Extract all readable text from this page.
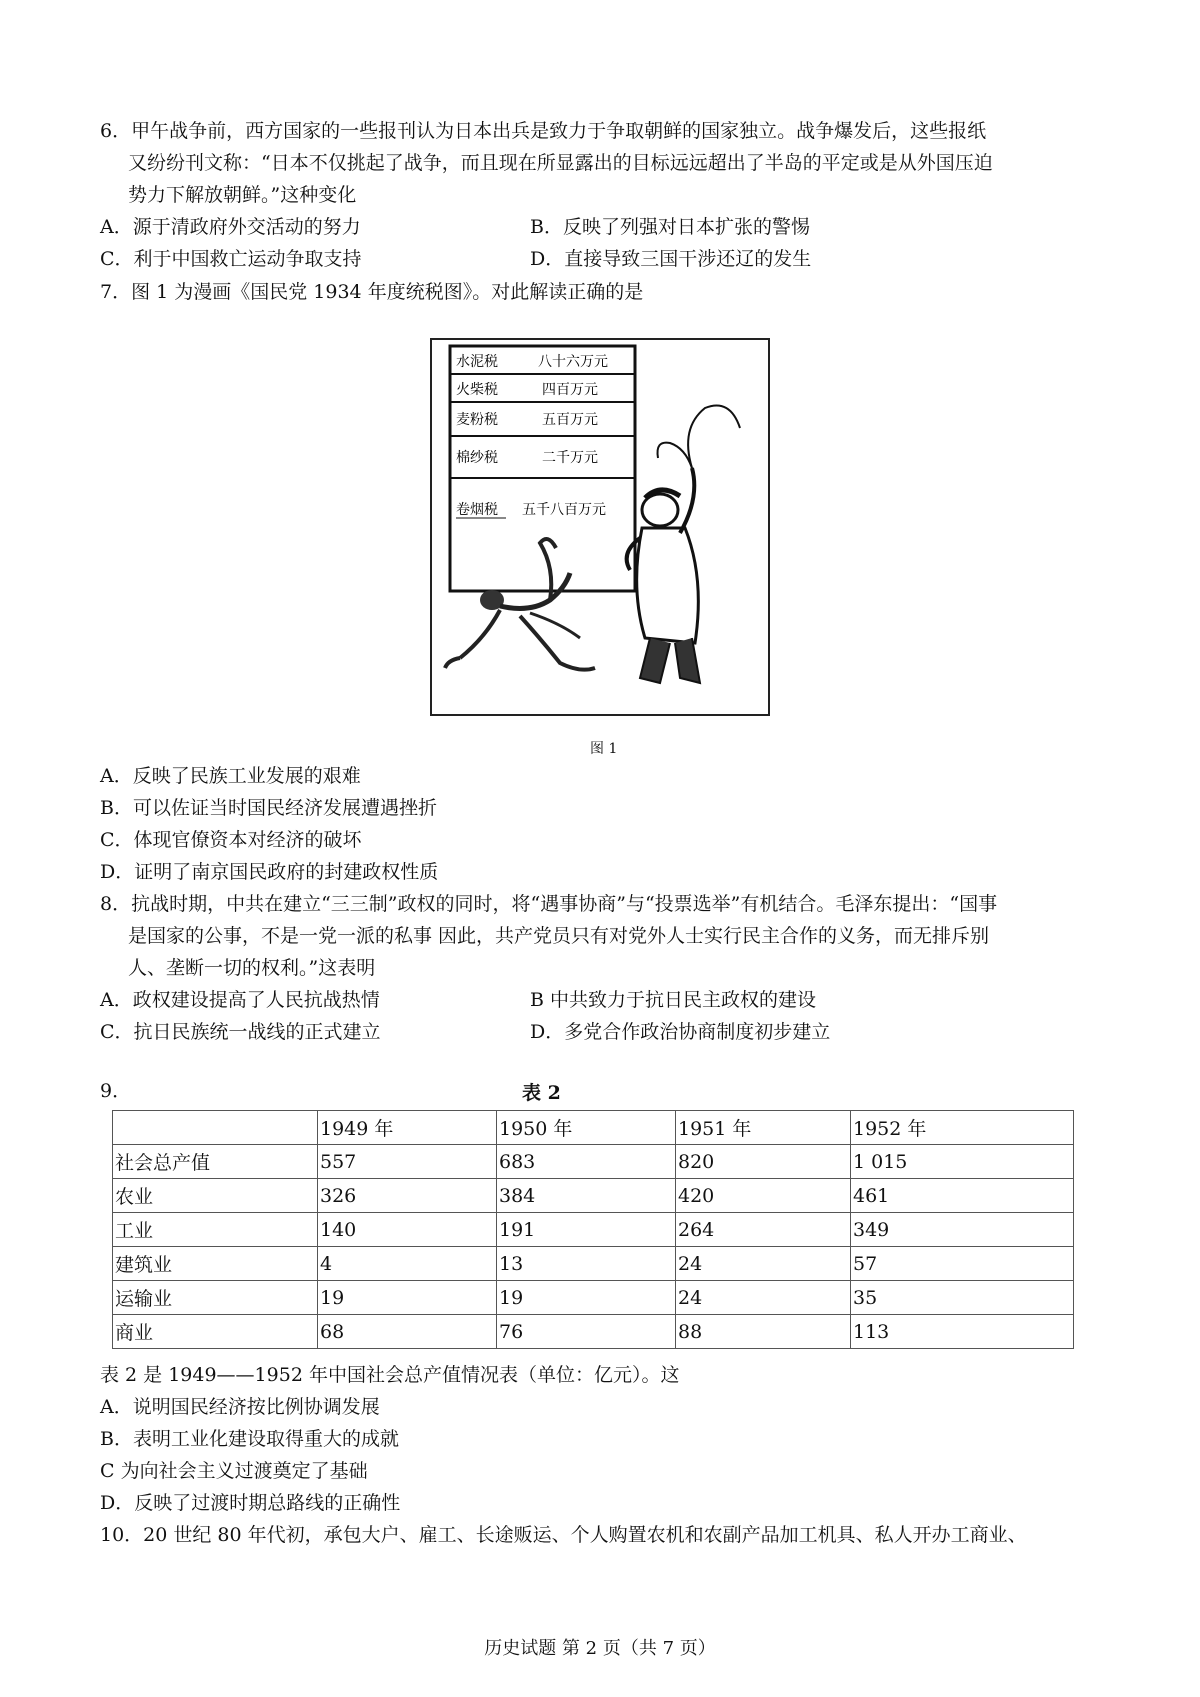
6．甲午战争前，西方国家的一些报刊认为日本出兵是致力于争取朝鲜的国家独立。战争爆发后，这些报纸
又纷纷刊文称：“日本不仅挑起了战争，而且现在所显露出的目标远远超出了半岛的平定或是从外国压迫
势力下解放朝鲜。”这种变化
A．源于清政府外交活动的努力	B．反映了列强对日本扩张的警惕
C．利于中国救亡运动争取支持	D．直接导致三国干涉还辽的发生
7．图 1 为漫画《国民党 1934 年度统税图》。对此解读正确的是
水泥税	八十六万元
火柴税	四百万元
麦粉税	五百万元
棉纱税	二千万元
卷烟税 五千八百万元
图 1
A．反映了民族工业发展的艰难
B．可以佐证当时国民经济发展遭遇挫折
C．体现官僚资本对经济的破坏
D．证明了南京国民政府的封建政权性质
8．抗战时期，中共在建立“三三制”政权的同时，将“遇事协商”与“投票选举”有机结合。毛泽东提出：“国事
是国家的公事，不是一党一派的私事 因此，共产党员只有对党外人士实行民主合作的义务，而无排斥别
人、垄断一切的权利。”这表明
A．政权建设提高了人民抗战热情	B 中共致力于抗日民主政权的建设
C．抗日民族统一战线的正式建立	D．多党合作政治协商制度初步建立
9．	表 2
	1949 年	1950 年	1951 年	1952 年
社会总产值	557	683	820	1 015
农业	326	384	420	461
工业	140	191	264	349
建筑业	4	13	24	57
运输业	19	19	24	35
商业	68	76	88	113
表 2 是 1949——1952 年中国社会总产值情况表（单位：亿元）。这
A．说明国民经济按比例协调发展
B．表明工业化建设取得重大的成就
C 为向社会主义过渡奠定了基础
D．反映了过渡时期总路线的正确性
10．20 世纪 80 年代初，承包大户、雇工、长途贩运、个人购置农机和农副产品加工机具、私人开办工商业、
历史试题 第 2 页（共 7 页）
